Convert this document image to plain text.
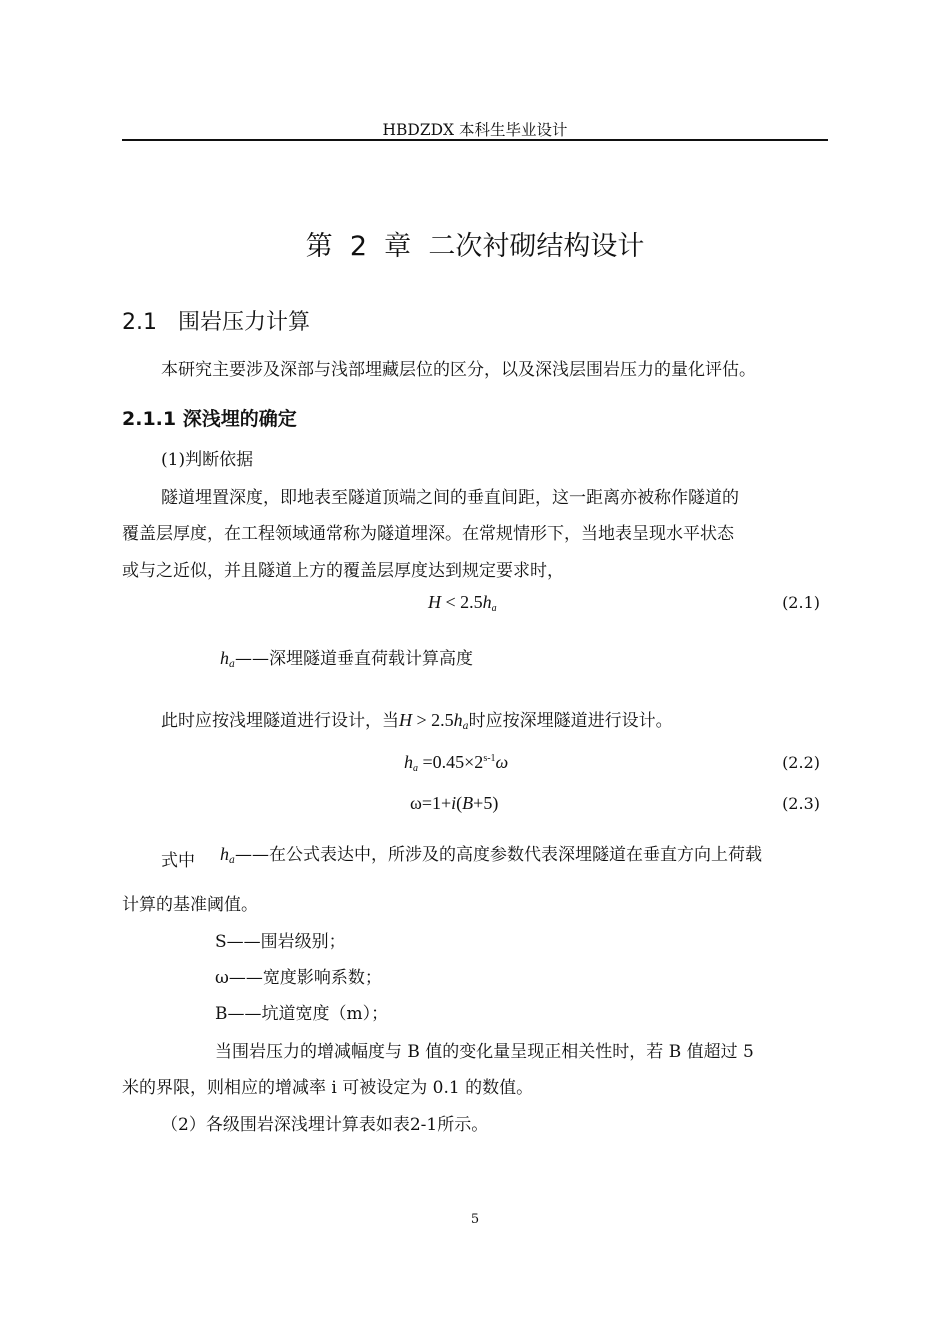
HBDZDX 本科生毕业设计
第  2  章  二次衬砌结构设计
2.1 围岩压力计算
本研究主要涉及深部与浅部埋藏层位的区分，以及深浅层围岩压力的量化评估。
2.1.1 深浅埋的确定
(1)判断依据
隧道埋置深度，即地表至隧道顶端之间的垂直间距，这一距离亦被称作隧道的
覆盖层厚度，在工程领域通常称为隧道埋深。在常规情形下，当地表呈现水平状态
或与之近似，并且隧道上方的覆盖层厚度达到规定要求时，
$H < 2.5h_a$	(2.1)
$h_a——$深埋隧道垂直荷载计算高度
此时应按浅埋隧道进行设计，当$H > 2.5h_a$时应按深埋隧道进行设计。
$h_a =0.45\times 2^{s-1}\omega$	(2.2)
ω=1+i(B+5)	(2.3)
式中 $h_a——$在公式表达中，所涉及的高度参数代表深埋隧道在垂直方向上荷载
计算的基准阈值。
S——围岩级别；
ω——宽度影响系数；
B——坑道宽度（m）；
当围岩压力的增减幅度与 B 值的变化量呈现正相关性时，若 B 值超过 5
米的界限，则相应的增减率 i 可被设定为 0.1 的数值。
（2）各级围岩深浅埋计算表如表2-1所示。
5
